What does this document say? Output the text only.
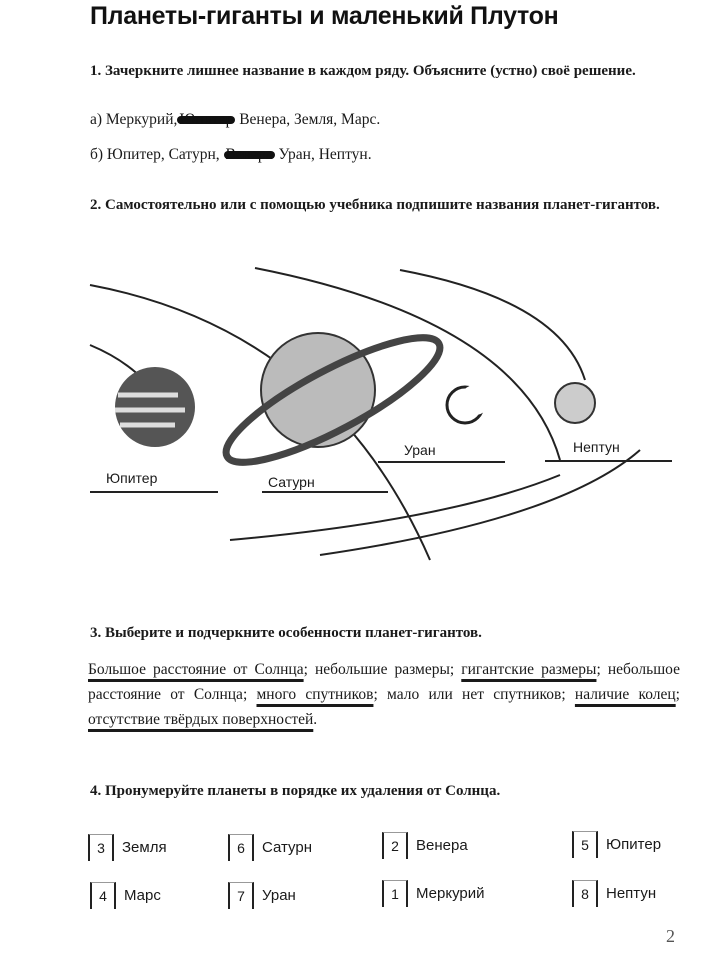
Планеты-гиганты и маленький Плутон
1. Зачеркните лишнее название в каждом ряду. Объясните (устно) своё решение.
а) Меркурий, Юпитер Венера, Земля, Марс.
б) Юпитер, Сатурн, Венера Уран, Нептун.
2. Самостоятельно или с помощью учебника подпишите названия планет-гигантов.
Юпитер	Сатурн
Уран	Нептун
3. Выберите и подчеркните особенности планет-гигантов.
Большое расстояние от Солнца; небольшие размеры; гигантские размеры; небольшое расстояние от Солнца; много спутников; мало или нет спутников; наличие колец; отсутствие твёрдых поверхностей.
4. Пронумеруйте планеты в порядке их удаления от Солнца.
3	Земля	6	Сатурн	2	Венера	5	Юпитер
4	Марс	7	Уран	1	Меркурий	8	Нептун
2
